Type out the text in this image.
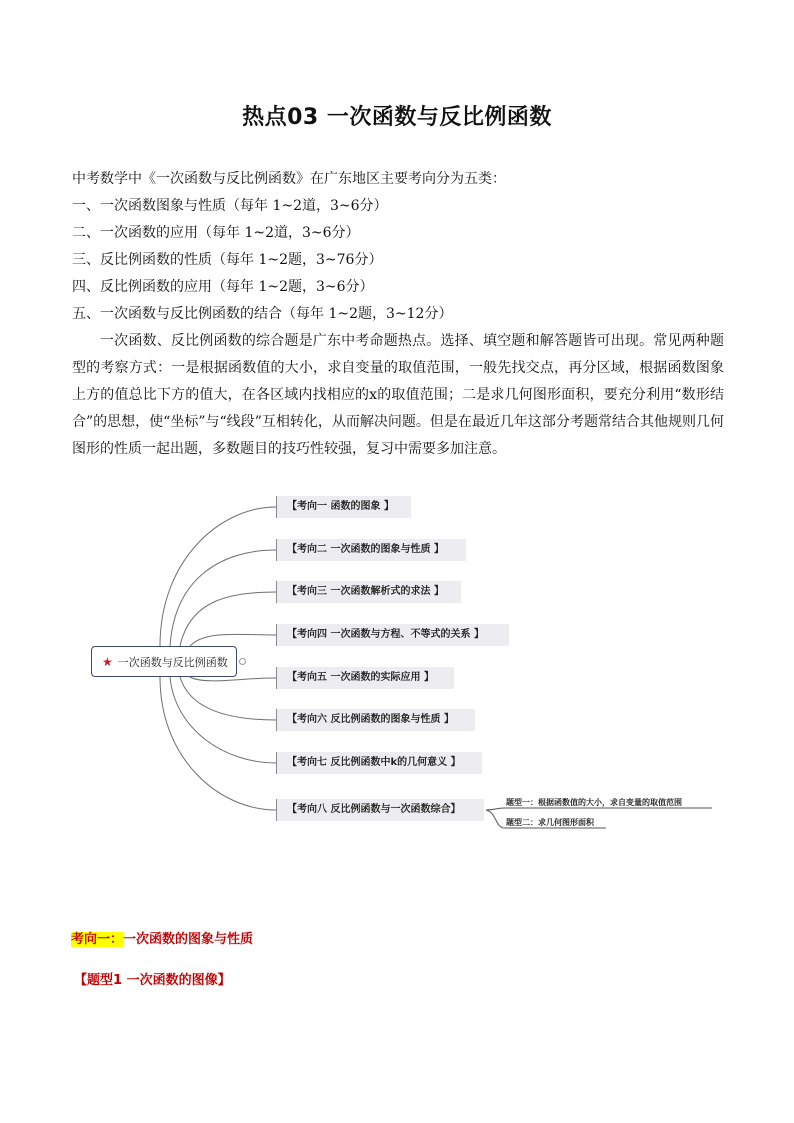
热点03 一次函数与反比例函数

中考数学中《一次函数与反比例函数》在广东地区主要考向分为五类：

一、一次函数图象与性质（每年 1~2道，3~6分）

二、一次函数的应用（每年 1~2道，3~6分）

三、反比例函数的性质（每年 1~2题，3~76分）

四、反比例函数的应用（每年 1~2题，3~6分）

五、一次函数与反比例函数的结合（每年 1~2题，3~12分）

一次函数、反比例函数的综合题是广东中考命题热点。选择、填空题和解答题皆可出现。常见两种题型的考察方式：一是根据函数值的大小，求自变量的取值范围，一般先找交点，再分区域，根据函数图象上方的值总比下方的值大，在各区域内找相应的x的取值范围；二是求几何图形面积，要充分利用“数形结合”的思想，使“坐标”与“线段”互相转化，从而解决问题。但是在最近几年这部分考题常结合其他规则几何图形的性质一起出题，多数题目的技巧性较强，复习中需要多加注意。

★ 一次函数与反比例函数
【考向一 函数的图象 】
【考向二 一次函数的图象与性质 】
【考向三 一次函数解析式的求法 】
【考向四 一次函数与方程、不等式的关系 】
【考向五 一次函数的实际应用 】
【考向六 反比例函数的图象与性质 】
【考向七 反比例函数中k的几何意义 】
【考向八 反比例函数与一次函数综合】
题型一：根据函数值的大小，求自变量的取值范围
题型二：求几何图形面积
考向一：一次函数的图象与性质
【题型1 一次函数的图像】
